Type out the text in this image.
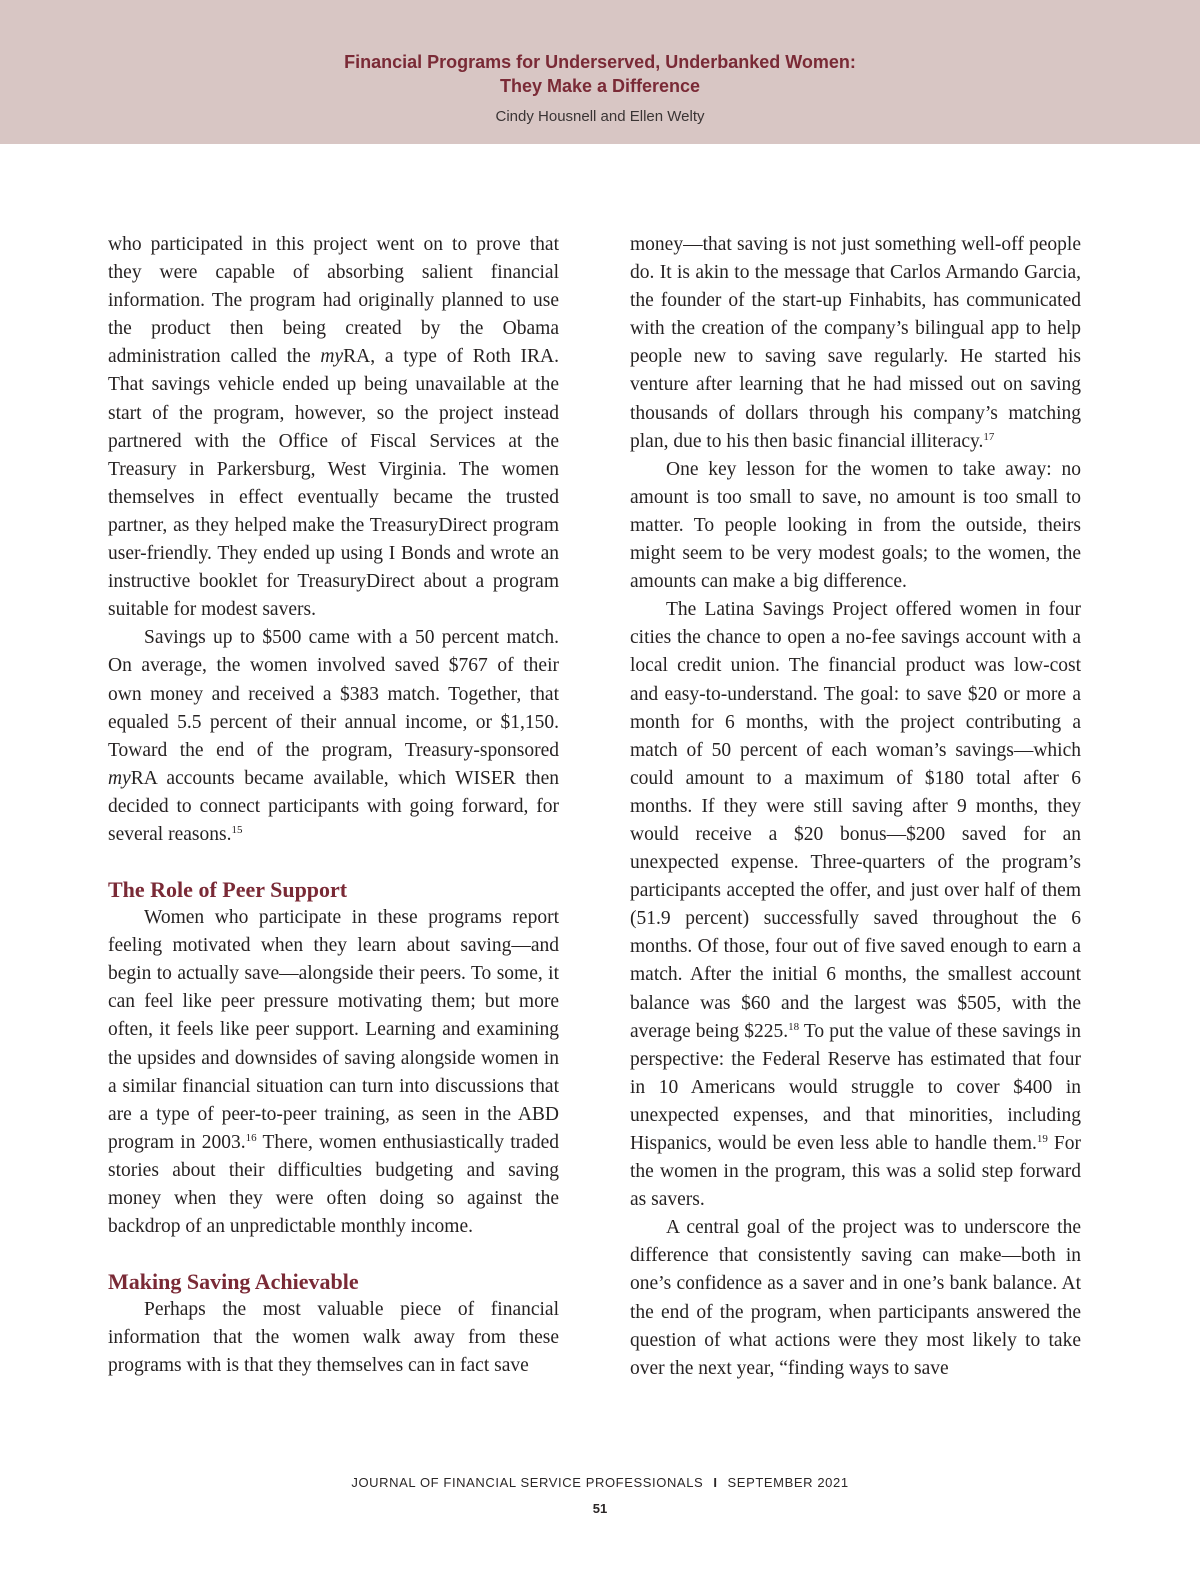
Financial Programs for Underserved, Underbanked Women:
They Make a Difference
Cindy Housnell and Ellen Welty

who participated in this project went on to prove that they were capable of absorbing salient financial information. The program had originally planned to use the product then being created by the Obama administration called the myRA, a type of Roth IRA. That savings vehicle ended up being unavailable at the start of the program, however, so the project instead partnered with the Office of Fiscal Services at the Treasury in Parkersburg, West Virginia. The women themselves in effect eventually became the trusted partner, as they helped make the TreasuryDirect program user-friendly. They ended up using I Bonds and wrote an instructive booklet for TreasuryDirect about a program suitable for modest savers.

Savings up to $500 came with a 50 percent match. On average, the women involved saved $767 of their own money and received a $383 match. Together, that equaled 5.5 percent of their annual income, or $1,150. Toward the end of the program, Treasury-sponsored myRA accounts became available, which WISER then decided to connect participants with going forward, for several reasons.$^{15}$

The Role of Peer Support

Women who participate in these programs report feeling motivated when they learn about saving—and begin to actually save—alongside their peers. To some, it can feel like peer pressure motivating them; but more often, it feels like peer support. Learning and examining the upsides and downsides of saving alongside women in a similar financial situation can turn into discussions that are a type of peer-to-peer training, as seen in the ABD program in 2003.16 There, women enthusiastically traded stories about their difficulties budgeting and saving money when they were often doing so against the backdrop of an unpredictable monthly income.

Making Saving Achievable

Perhaps the most valuable piece of financial information that the women walk away from these programs with is that they themselves can in fact save

money—that saving is not just something well-off people do. It is akin to the message that Carlos Armando Garcia, the founder of the start-up Finhabits, has communicated with the creation of the company’s bilingual app to help people new to saving save regularly. He started his venture after learning that he had missed out on saving thousands of dollars through his company’s matching plan, due to his then basic financial illiteracy.$^{17}$

One key lesson for the women to take away: no amount is too small to save, no amount is too small to matter. To people looking in from the outside, theirs might seem to be very modest goals; to the women, the amounts can make a big difference.

The Latina Savings Project offered women in four cities the chance to open a no-fee savings account with a local credit union. The financial product was low-cost and easy-to-understand. The goal: to save $20 or more a month for 6 months, with the project contributing a match of 50 percent of each woman’s savings—which could amount to a maximum of $180 total after 6 months. If they were still saving after 9 months, they would receive a $20 bonus—$200 saved for an unexpected expense. Three-quarters of the program’s participants accepted the offer, and just over half of them (51.9 percent) successfully saved throughout the 6 months. Of those, four out of five saved enough to earn a match. After the initial 6 months, the smallest account balance was $60 and the largest was $505, with the average being $225.18 To put the value of these savings in perspective: the Federal Reserve has estimated that four in 10 Americans would struggle to cover $400 in unexpected expenses, and that minorities, including Hispanics, would be even less able to handle them.$^{19}$ For the women in the program, this was a solid step forward as savers.

A central goal of the project was to underscore the difference that consistently saving can make—both in one’s confidence as a saver and in one’s bank balance. At the end of the program, when participants answered the question of what actions were they most likely to take over the next year, “finding ways to save

JOURNAL OF FINANCIAL SERVICE PROFESSIONALS I SEPTEMBER 2021
51
